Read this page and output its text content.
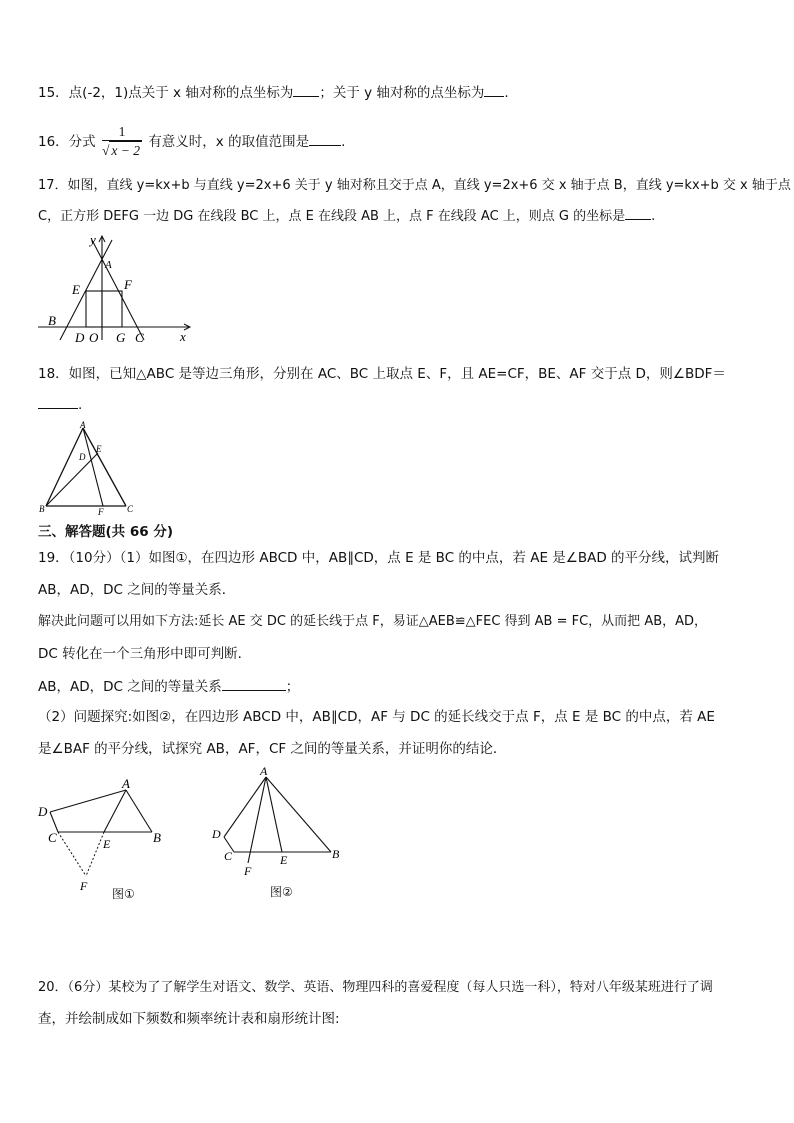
15．点(-2，1)点关于 x 轴对称的点坐标为 ；关于 y 轴对称的点坐标为 .
16．分式 $\frac{1}{√ x - 2}$ 有意义时，x 的取值范围是 .
17．如图，直线 y=kx+b 与直线 y=2x+6 关于 y 轴对称且交于点 A，直线 y=2x+6 交 x 轴于点 B，直线 y=kx+b 交 x 轴于点
C，正方形 DEFG 一边 DG 在线段 BC 上，点 E 在线段 AB 上，点 F 在线段 AC 上，则点 G 的坐标是 .
y
x
A
E	F
B
D O G C
18．如图，已知△ABC 是等边三角形，分别在 AC、BC 上取点 E、F，且 AE=CF，BE、AF 交于点 D，则∠BDF＝
.
A
E
D
B	F	C
三、解答题(共 66 分)
19．（10分）（1）如图①，在四边形 ABCD 中，AB∥CD，点 E 是 BC 的中点，若 AE 是∠BAD 的平分线，试判断
AB，AD，DC 之间的等量关系．
解决此问题可以用如下方法:延长 AE 交 DC 的延长线于点 F，易证△AEB≌△FEC 得到 AB = FC，从而把 AB，AD，
DC 转化在一个三角形中即可判断．
AB，AD，DC 之间的等量关系	；
（2）问题探究:如图②，在四边形 ABCD 中，AB∥CD，AF 与 DC 的延长线交于点 F，点 E 是 BC 的中点，若 AE
是∠BAF 的平分线，试探究 AB，AF，CF 之间的等量关系，并证明你的结论．
A
D
C	E	B
F
图①
A
D
C	E	B
F
图②
20．（6分）某校为了了解学生对语文、数学、英语、物理四科的喜爱程度（每人只选一科），特对八年级某班进行了调
查，并绘制成如下频数和频率统计表和扇形统计图:
